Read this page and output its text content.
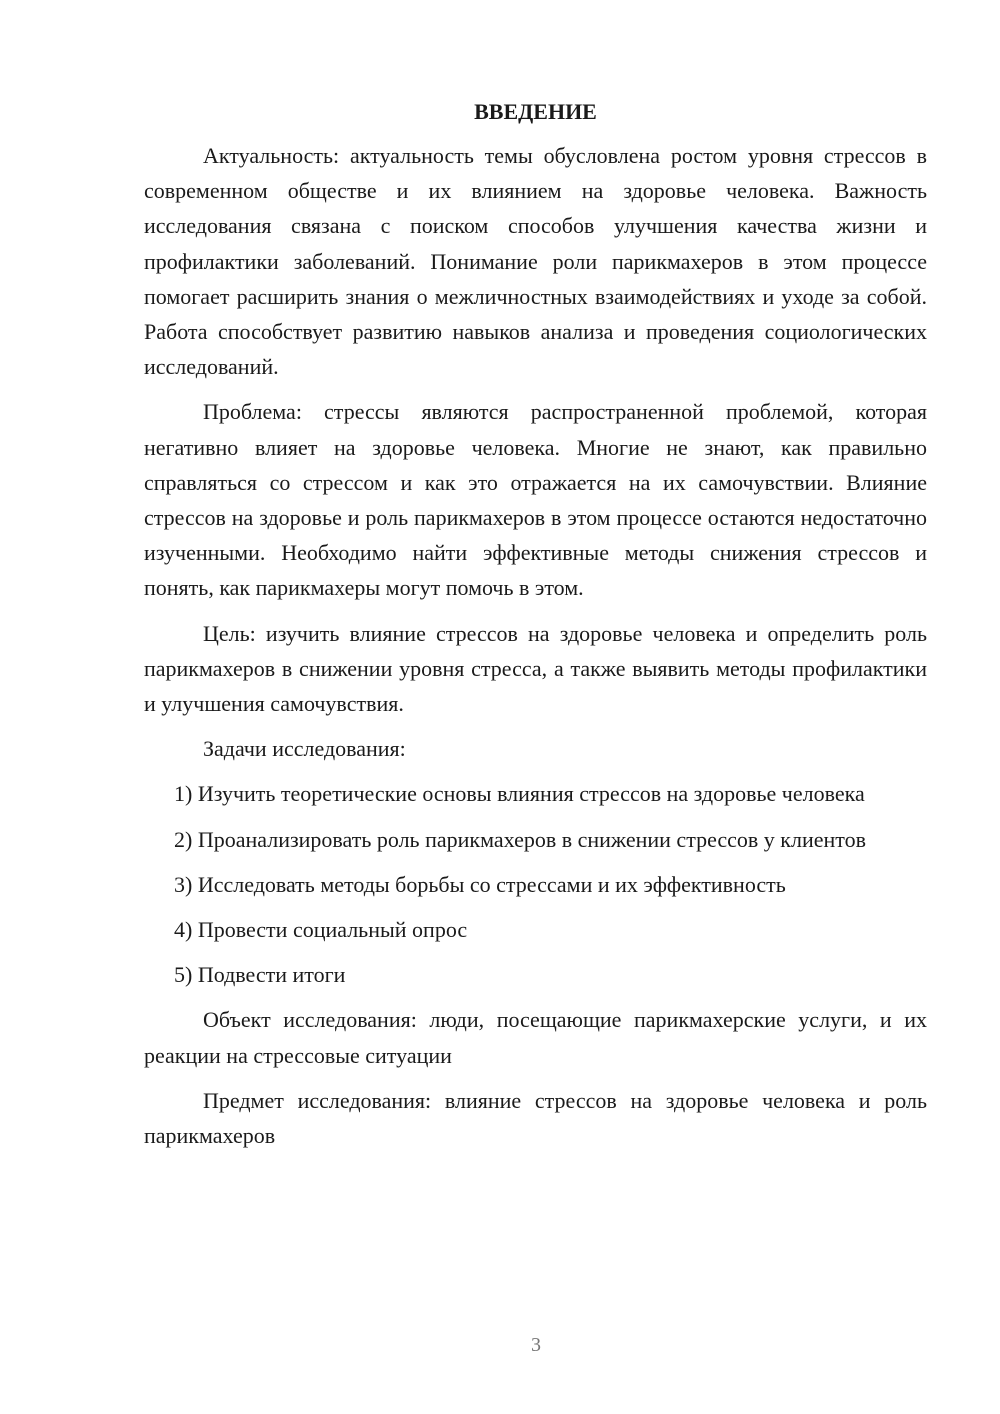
ВВЕДЕНИЕ

Актуальность: актуальность темы обусловлена ростом уровня стрессов в современном обществе и их влиянием на здоровье человека. Важность исследования связана с поиском способов улучшения качества жизни и профилактики заболеваний. Понимание роли парикмахеров в этом процессе помогает расширить знания о межличностных взаимодействиях и уходе за собой. Работа способствует развитию навыков анализа и проведения социологических исследований.

Проблема: стрессы являются распространенной проблемой, которая негативно влияет на здоровье человека. Многие не знают, как правильно справляться со стрессом и как это отражается на их самочувствии. Влияние стрессов на здоровье и роль парикмахеров в этом процессе остаются недостаточно изученными. Необходимо найти эффективные методы снижения стрессов и понять, как парикмахеры могут помочь в этом.

Цель: изучить влияние стрессов на здоровье человека и определить роль парикмахеров в снижении уровня стресса, а также выявить методы профилактики и улучшения самочувствия.

Задачи исследования:

1) Изучить теоретические основы влияния стрессов на здоровье человека

2) Проанализировать роль парикмахеров в снижении стрессов у клиентов

3) Исследовать методы борьбы со стрессами и их эффективность

4) Провести социальный опрос

5) Подвести итоги

Объект исследования: люди, посещающие парикмахерские услуги, и их реакции на стрессовые ситуации

Предмет исследования: влияние стрессов на здоровье человека и роль парикмахеров

3
